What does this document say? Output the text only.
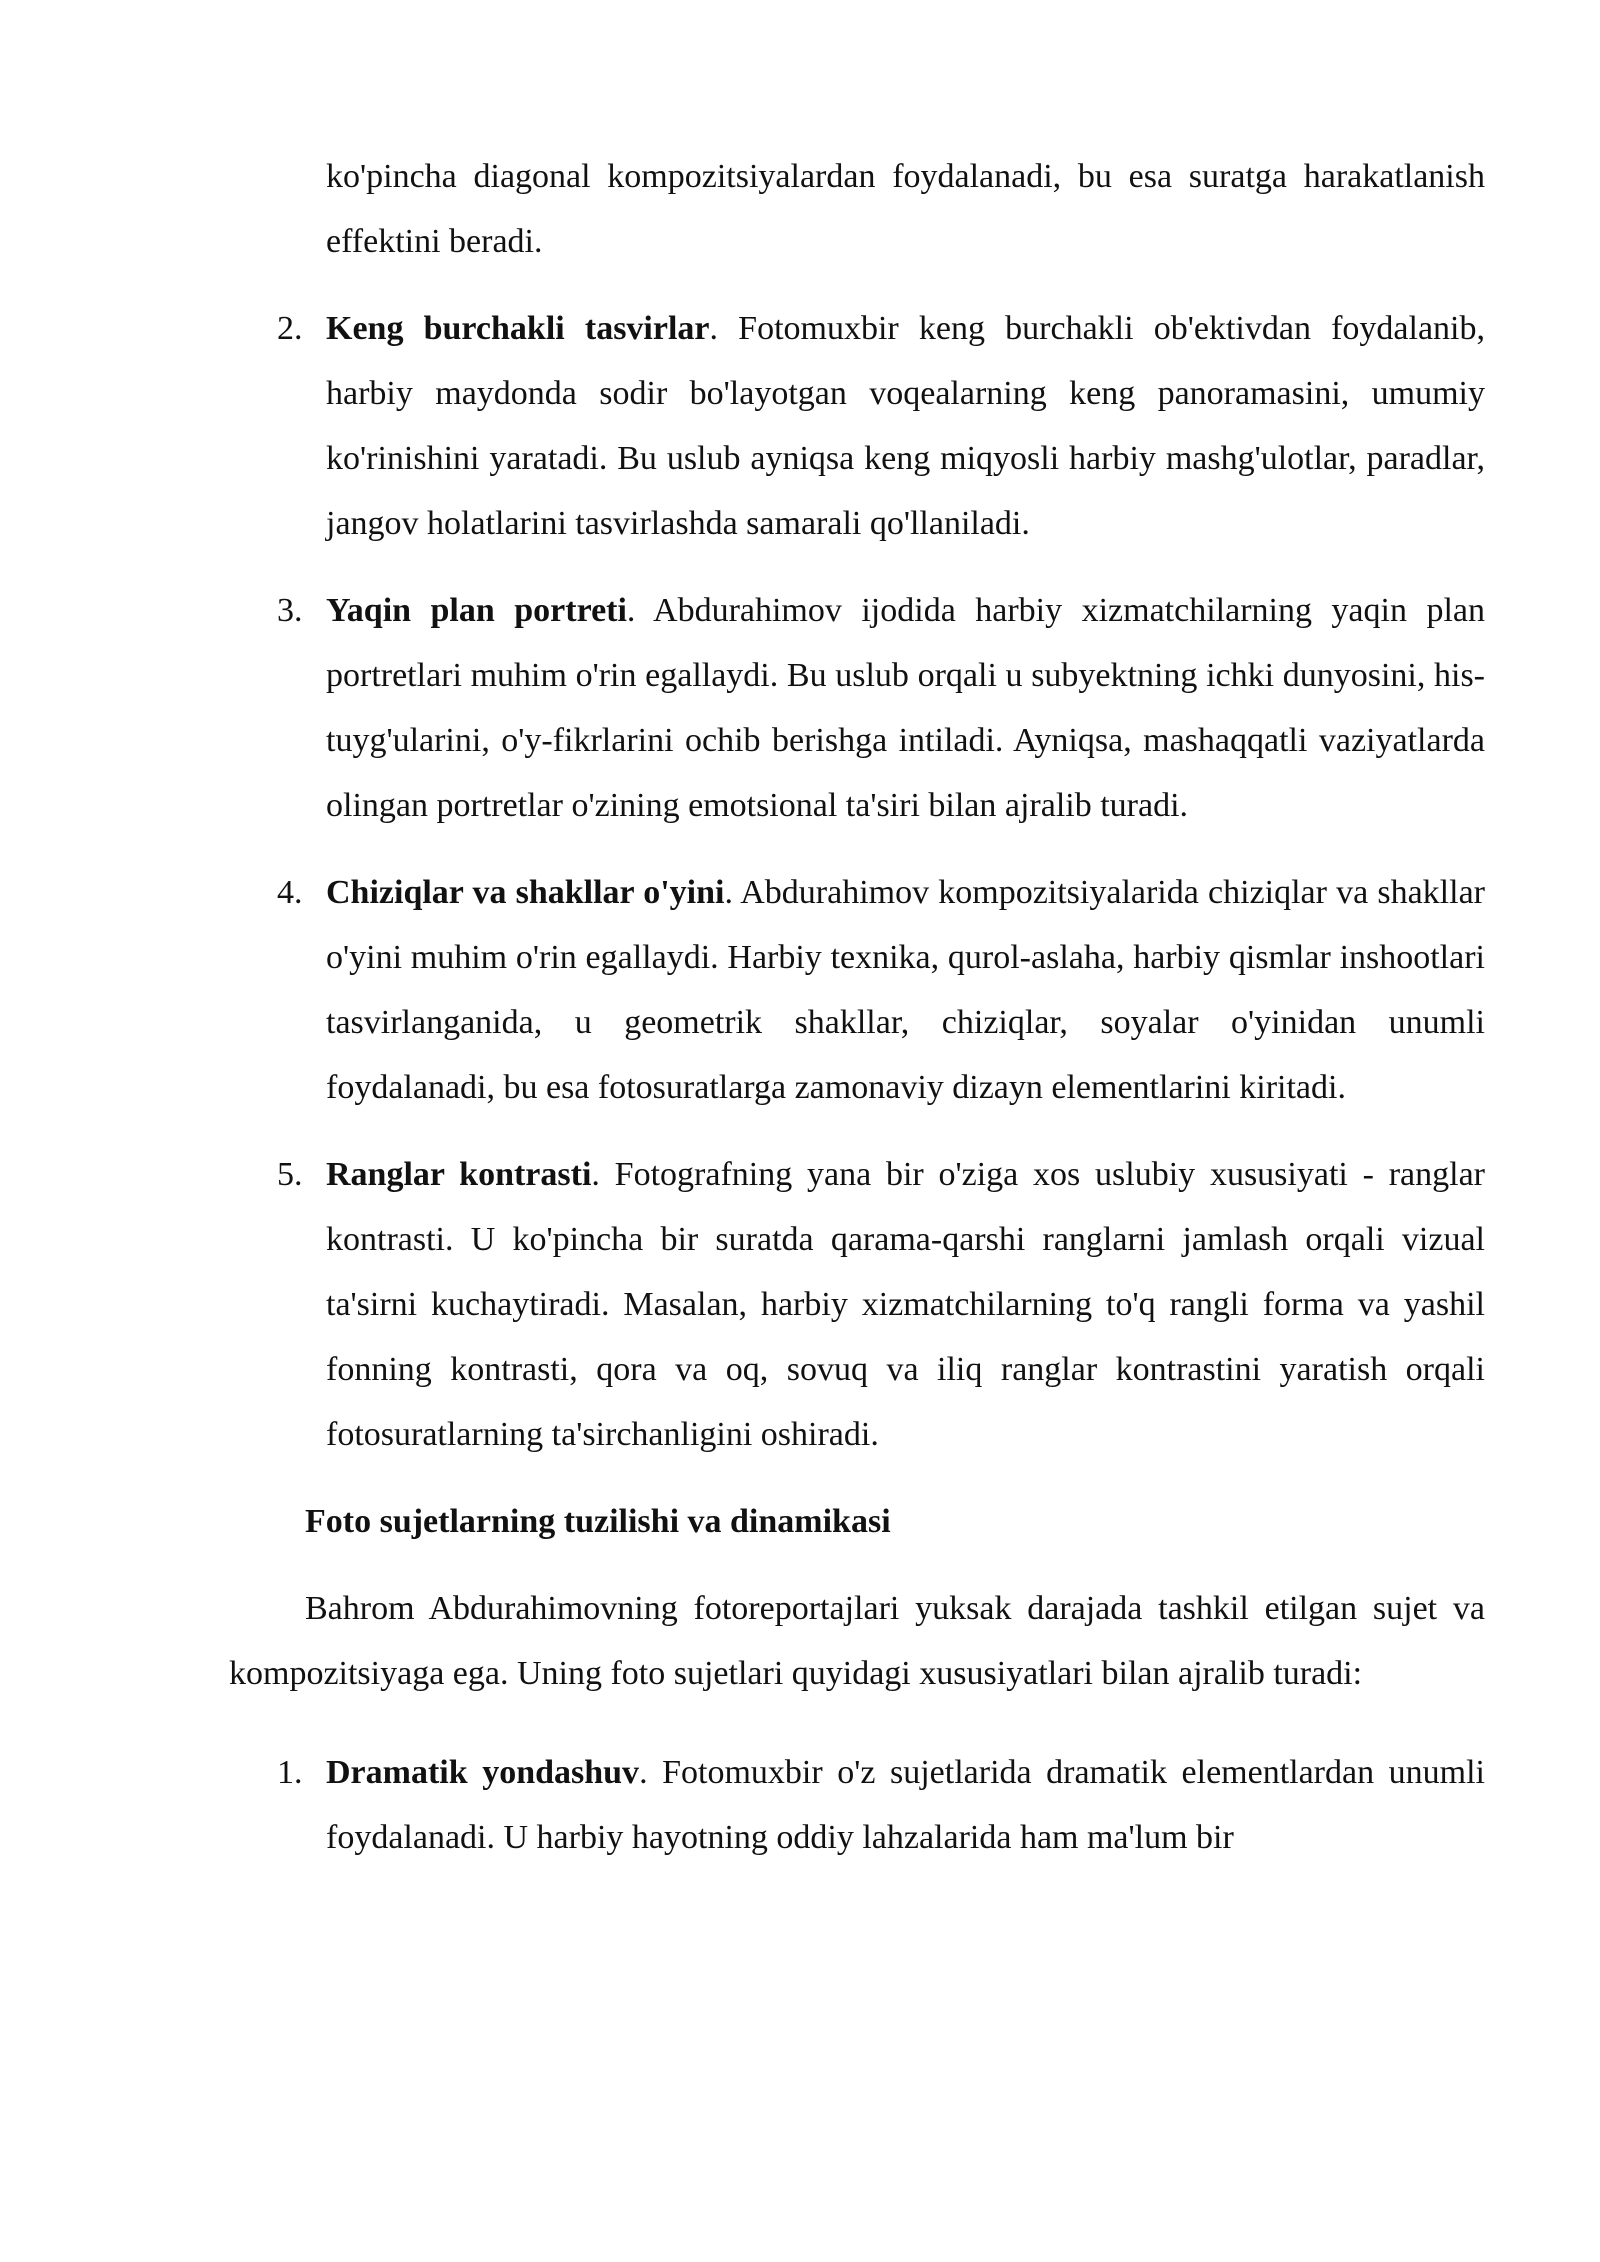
ko'pincha diagonal kompozitsiyalardan foydalanadi, bu esa suratga harakatlanish effektini beradi.

2. Keng burchakli tasvirlar. Fotomuxbir keng burchakli ob'ektivdan foydalanib, harbiy maydonda sodir bo'layotgan voqealarning keng panoramasini, umumiy ko'rinishini yaratadi. Bu uslub ayniqsa keng miqyosli harbiy mashg'ulotlar, paradlar, jangov holatlarini tasvirlashda samarali qo'llaniladi.
3. Yaqin plan portreti. Abdurahimov ijodida harbiy xizmatchilarning yaqin plan portretlari muhim o'rin egallaydi. Bu uslub orqali u subyektning ichki dunyosini, his-tuyg'ularini, o'y-fikrlarini ochib berishga intiladi. Ayniqsa, mashaqqatli vaziyatlarda olingan portretlar o'zining emotsional ta'siri bilan ajralib turadi.
4. Chiziqlar va shakllar o'yini. Abdurahimov kompozitsiyalarida chiziqlar va shakllar o'yini muhim o'rin egallaydi. Harbiy texnika, qurol-aslaha, harbiy qismlar inshootlari tasvirlanganida, u geometrik shakllar, chiziqlar, soyalar o'yinidan unumli foydalanadi, bu esa fotosuratlarga zamonaviy dizayn elementlarini kiritadi.
5. Ranglar kontrasti. Fotografning yana bir o'ziga xos uslubiy xususiyati - ranglar kontrasti. U ko'pincha bir suratda qarama-qarshi ranglarni jamlash orqali vizual ta'sirni kuchaytiradi. Masalan, harbiy xizmatchilarning to'q rangli forma va yashil fonning kontrasti, qora va oq, sovuq va iliq ranglar kontrastini yaratish orqali fotosuratlarning ta'sirchanligini oshiradi.
Foto sujetlarning tuzilishi va dinamikasi

Bahrom Abdurahimovning fotoreportajlari yuksak darajada tashkil etilgan sujet va kompozitsiyaga ega. Uning foto sujetlari quyidagi xususiyatlari bilan ajralib turadi:

1. Dramatik yondashuv. Fotomuxbir o'z sujetlarida dramatik elementlardan unumli foydalanadi. U harbiy hayotning oddiy lahzalarida ham ma'lum bir
